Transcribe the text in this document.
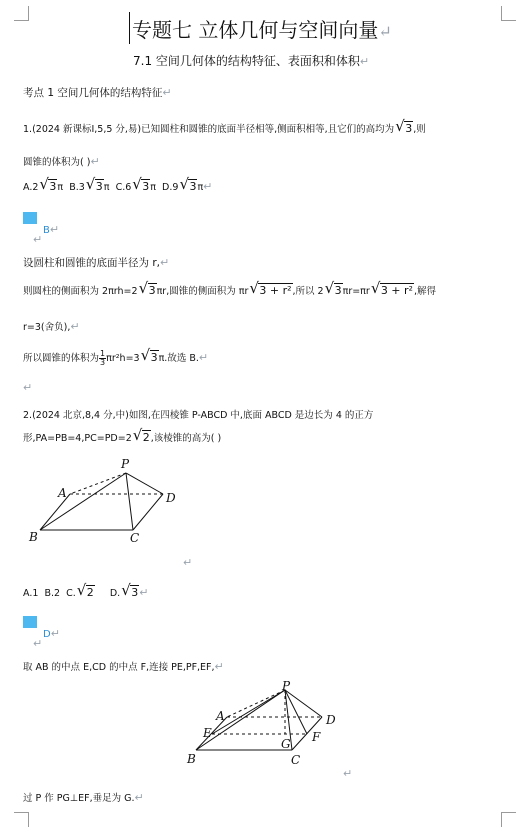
专题七 立体几何与空间向量↵
7.1 空间几何体的结构特征、表面积和体积↵
考点 1 空间几何体的结构特征↵
1.(2024 新课标Ⅰ,5,5 分,易)已知圆柱和圆锥的底面半径相等,侧面积相等,且它们的高均为 √ 3,则
圆锥的体积为( )↵
A.2 √ 3π B.3 √ 3π C.6 √ 3π D.9 √ 3π↵
B↵
↵
设圆柱和圆锥的底面半径为 r,↵
则圆柱的侧面积为 2πrh=2 √ 3πr,圆锥的侧面积为 πr √ 3 + r²,所以 2 √ 3πr=πr √ 3 + r²,解得
r=3(舍负),↵
所以圆锥的体积为 $\frac{1}{3} \pi r^2h=3$ √ 3π.故选 B.↵
↵
2.(2024 北京,8,4 分,中)如图,在四棱锥 P-ABCD 中,底面 ABCD 是边长为 4 的正方
形,PA=PB=4,PC=PD=2 √ 2,该棱锥的高为( )
P
A
B	C
D
P
A
E
B
G F
D
C
↵
A.1 B.2 C. √ 2 D. √ 3↵
D↵
↵
取 AB 的中点 E,CD 的中点 F,连接 PE,PF,EF,↵
↵
过 P 作 PG⊥EF,垂足为 G.↵
